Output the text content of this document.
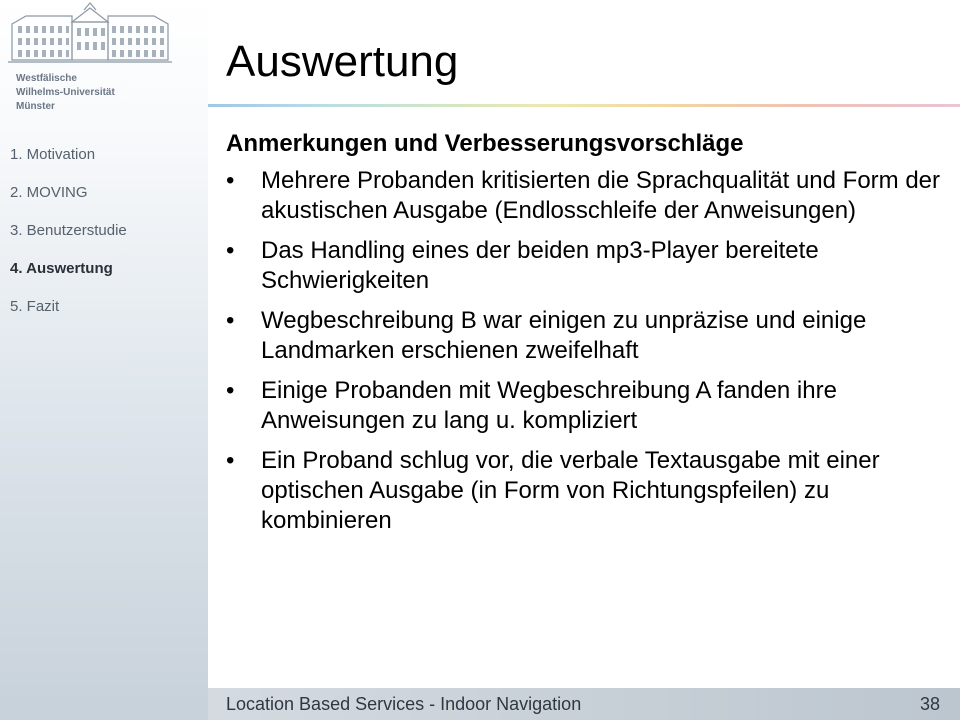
Westfälische
Wilhelms-Universität
Münster
1. Motivation
2. MOVING
3. Benutzerstudie
4. Auswertung
5. Fazit
Auswertung
Anmerkungen und Verbesserungsvorschläge
• Mehrere Probanden kritisierten die Sprachqualität und Form der akustischen Ausgabe (Endlosschleife der Anweisungen)
• Das Handling eines der beiden mp3-Player bereitete Schwierigkeiten
• Wegbeschreibung B war einigen zu unpräzise und einige Landmarken erschienen zweifelhaft
• Einige Probanden mit Wegbeschreibung A fanden ihre Anweisungen zu lang u. kompliziert
• Ein Proband schlug vor, die verbale Textausgabe mit einer optischen Ausgabe (in Form von Richtungspfeilen) zu kombinieren
Location Based Services - Indoor Navigation	38
